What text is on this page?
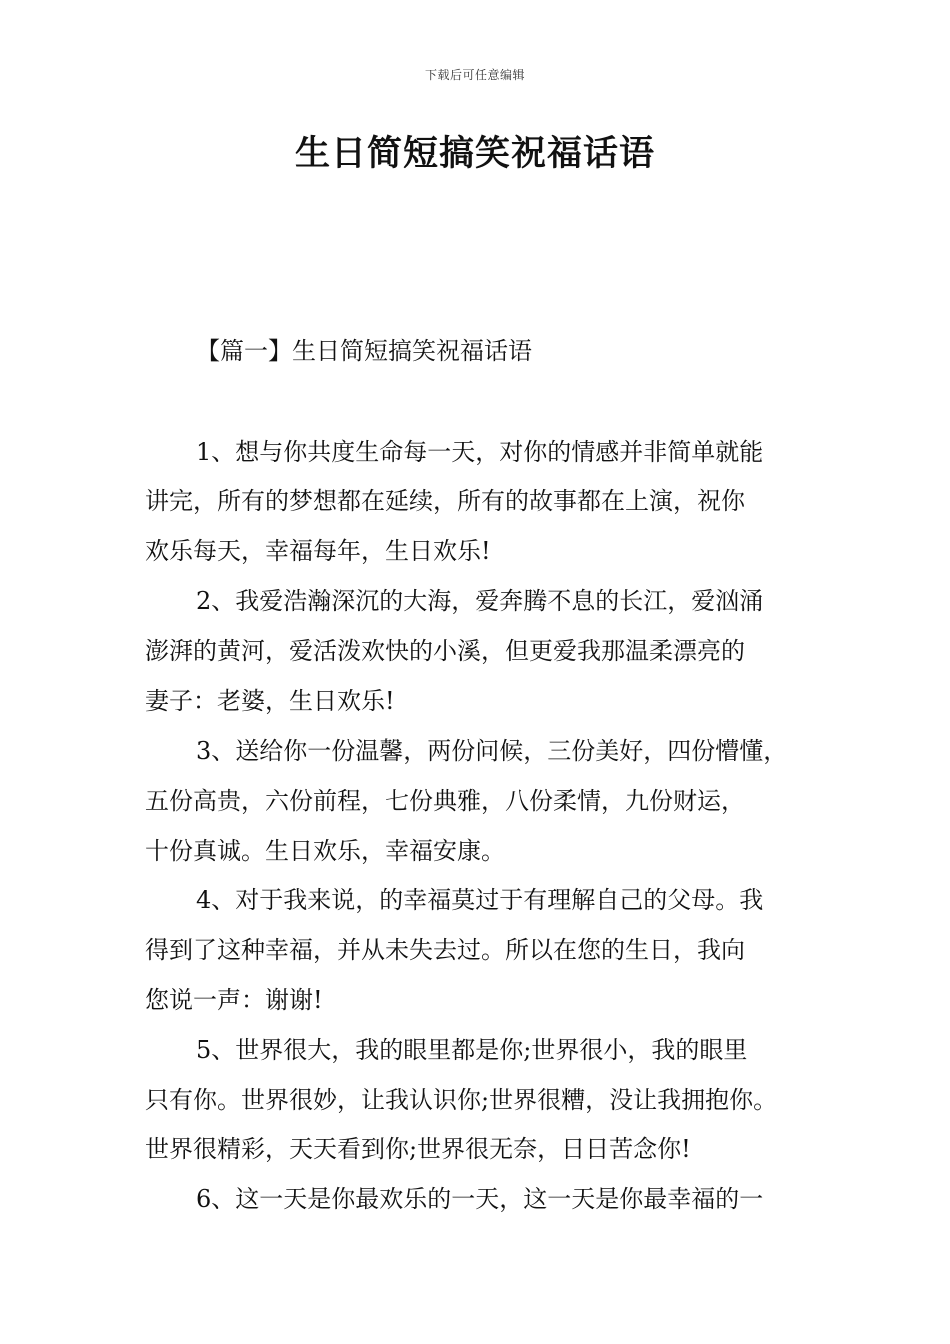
下载后可任意编辑
生日简短搞笑祝福话语

【篇一】生日简短搞笑祝福话语

1、想与你共度生命每一天，对你的情感并非简单就能

讲完，所有的梦想都在延续，所有的故事都在上演，祝你

欢乐每天，幸福每年，生日欢乐!

2、我爱浩瀚深沉的大海，爱奔腾不息的长江，爱汹涌

澎湃的黄河，爱活泼欢快的小溪，但更爱我那温柔漂亮的

妻子：老婆，生日欢乐!

3、送给你一份温馨，两份问候，三份美好，四份懵懂，

五份高贵，六份前程，七份典雅，八份柔情，九份财运，

十份真诚。生日欢乐，幸福安康。

4、对于我来说，的幸福莫过于有理解自己的父母。我

得到了这种幸福，并从未失去过。所以在您的生日，我向

您说一声：谢谢!

5、世界很大，我的眼里都是你;世界很小，我的眼里

只有你。世界很妙，让我认识你;世界很糟，没让我拥抱你。

世界很精彩，天天看到你;世界很无奈，日日苦念你!

6、这一天是你最欢乐的一天，这一天是你最幸福的一
